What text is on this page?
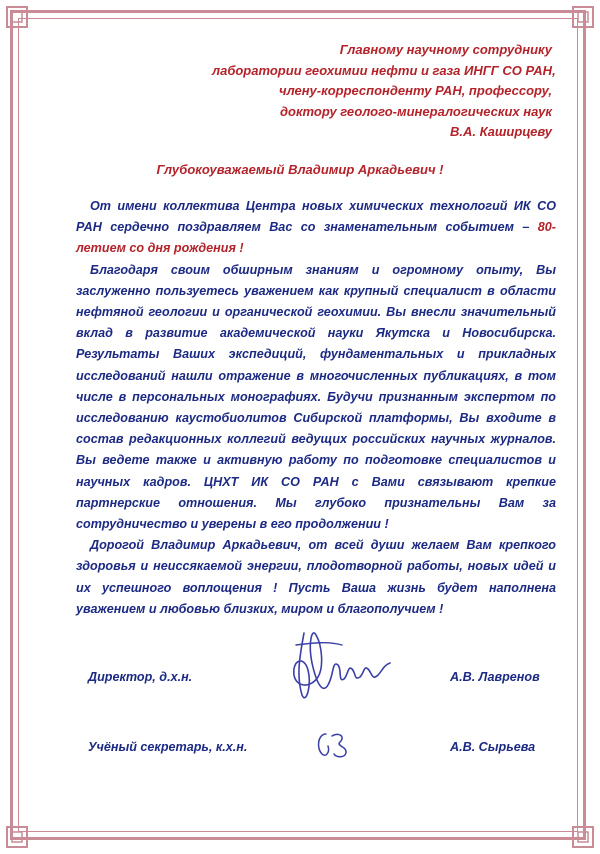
Главному научному сотруднику
лаборатории геохимии нефти и газа ИНГГ СО РАН,
члену-корреспонденту РАН, профессору,
доктору геолого-минералогических наук
В.А. Каширцеву
Глубокоуважаемый Владимир Аркадьевич !

От имени коллектива Центра новых химических технологий ИК СО РАН сердечно поздравляем Вас со знаменательным событием – 80-летием со дня рождения !

Благодаря своим обширным знаниям и огромному опыту, Вы заслуженно пользуетесь уважением как крупный специалист в области нефтяной геологии и органической геохимии. Вы внесли значительный вклад в развитие академической науки Якутска и Новосибирска. Результаты Ваших экспедиций, фундаментальных и прикладных исследований нашли отражение в многочисленных публикациях, в том числе в персональных монографиях. Будучи признанным экспертом по исследованию каустобиолитов Сибирской платформы, Вы входите в состав редакционных коллегий ведущих российских научных журналов. Вы ведете также и активную работу по подготовке специалистов и научных кадров. ЦНХТ ИК СО РАН с Вами связывают крепкие партнерские отношения. Мы глубоко признательны Вам за сотрудничество и уверены в его продолжении !

Дорогой Владимир Аркадьевич, от всей души желаем Вам крепкого здоровья и неиссякаемой энергии, плодотворной работы, новых идей и их успешного воплощения ! Пусть Ваша жизнь будет наполнена уважением и любовью близких, миром и благополучием !

Директор, д.х.н.	А.В. Лавренов
Учёный секретарь, к.х.н.	А.В. Сырьева
